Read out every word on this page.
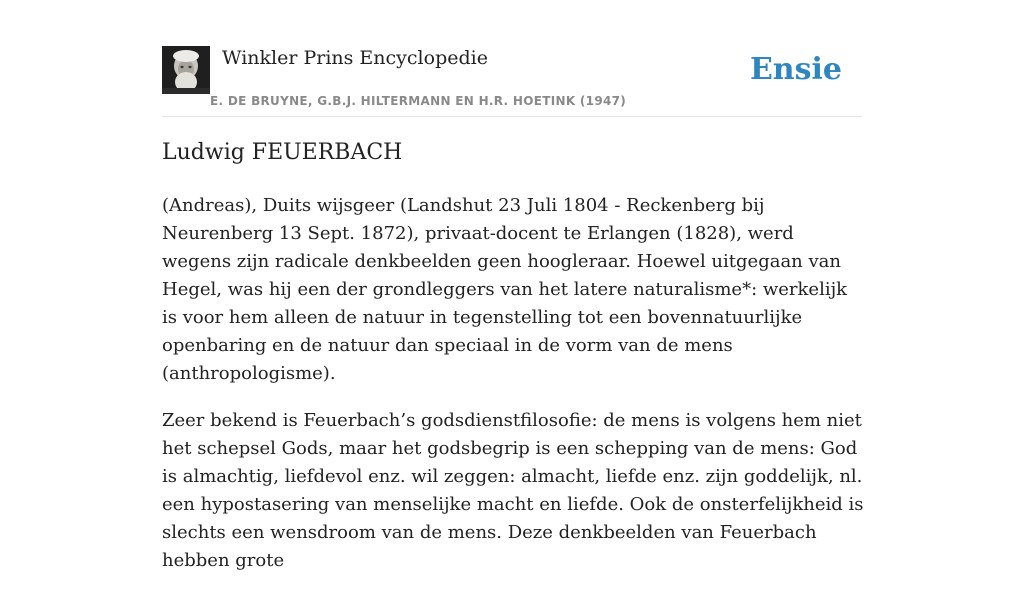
Winkler Prins Encyclopedie
E. DE BRUYNE, G.B.J. HILTERMANN EN H.R. HOETINK (1947)
Ensie
Ludwig FEUERBACH

(Andreas), Duits wijsgeer (Landshut 23 Juli 1804 - Reckenberg bij Neurenberg 13 Sept. 1872), privaat-docent te Erlangen (1828), werd wegens zijn radicale denkbeelden geen hoogleraar. Hoewel uitgegaan van Hegel, was hij een der grondleggers van het latere naturalisme*: werkelijk is voor hem alleen de natuur in tegenstelling tot een bovennatuurlijke openbaring en de natuur dan speciaal in de vorm van de mens (anthropologisme).

Zeer bekend is Feuerbach’s godsdienstfilosofie: de mens is volgens hem niet het schepsel Gods, maar het godsbegrip is een schepping van de mens: God is almachtig, liefdevol enz. wil zeggen: almacht, liefde enz. zijn goddelijk, nl. een hypostasering van menselijke macht en liefde. Ook de onsterfelijkheid is slechts een wensdroom van de mens. Deze denkbeelden van Feuerbach hebben grote
